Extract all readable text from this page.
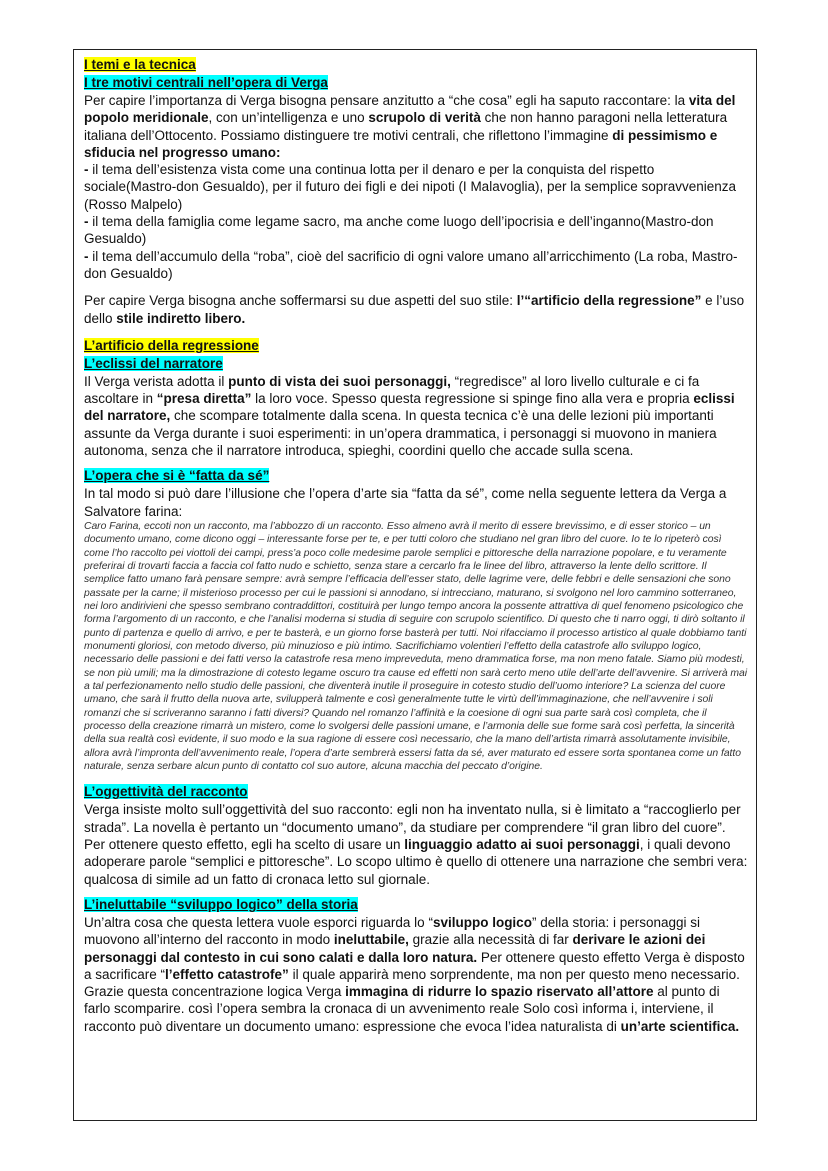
I temi e la tecnica
I tre motivi centrali nell’opera di Verga

Per capire l’importanza di Verga bisogna pensare anzitutto a “che cosa” egli ha saputo raccontare: la vita del popolo meridionale, con un’intelligenza e uno scrupolo di verità che non hanno paragoni nella letteratura italiana dell’Ottocento. Possiamo distinguere tre motivi centrali, che riflettono l’immagine di pessimismo e sfiducia nel progresso umano:

- il tema dell’esistenza vista come una continua lotta per il denaro e per la conquista del rispetto sociale(Mastro-don Gesualdo), per il futuro dei figli e dei nipoti (I Malavoglia), per la semplice sopravvenienza (Rosso Malpelo)

- il tema della famiglia come legame sacro, ma anche come luogo dell’ipocrisia e dell’inganno(Mastro-don Gesualdo)

- il tema dell’accumulo della “roba”, cioè del sacrificio di ogni valore umano all’arricchimento (La roba, Mastro-don Gesualdo)

Per capire Verga bisogna anche soffermarsi su due aspetti del suo stile: l’“artificio della regressione” e l’uso dello stile indiretto libero.

L’artificio della regressione
L’eclissi del narratore

Il Verga verista adotta il punto di vista dei suoi personaggi, “regredisce” al loro livello culturale e ci fa ascoltare in “presa diretta” la loro voce. Spesso questa regressione si spinge fino alla vera e propria eclissi del narratore, che scompare totalmente dalla scena. In questa tecnica c’è una delle lezioni più importanti assunte da Verga durante i suoi esperimenti: in un’opera drammatica, i personaggi si muovono in maniera autonoma, senza che il narratore introduca, spieghi, coordini quello che accade sulla scena.

L’opera che si è “fatta da sé”

In tal modo si può dare l’illusione che l’opera d’arte sia “fatta da sé”, come nella seguente lettera da Verga a Salvatore farina:

Caro Farina, eccoti non un racconto, ma l’abbozzo di un racconto. Esso almeno avrà il merito di essere brevissimo, e di esser storico – un documento umano, come dicono oggi – interessante forse per te, e per tutti coloro che studiano nel gran libro del cuore. Io te lo ripeterò così come l’ho raccolto pei viottoli dei campi, press’a poco colle medesime parole semplici e pittoresche della narrazione popolare, e tu veramente preferirai di trovarti faccia a faccia col fatto nudo e schietto, senza stare a cercarlo fra le linee del libro, attraverso la lente dello scrittore. Il semplice fatto umano farà pensare sempre: avrà sempre l’efficacia dell’esser stato, delle lagrime vere, delle febbri e delle sensazioni che sono passate per la carne; il misterioso processo per cui le passioni si annodano, si intrecciano, maturano, si svolgono nel loro cammino sotterraneo, nei loro andirivieni che spesso sembrano contraddittori, costituirà per lungo tempo ancora la possente attrattiva di quel fenomeno psicologico che forma l’argomento di un racconto, e che l’analisi moderna si studia di seguire con scrupolo scientifico. Di questo che ti narro oggi, ti dirò soltanto il punto di partenza e quello di arrivo, e per te basterà, e un giorno forse basterà per tutti. Noi rifacciamo il processo artistico al quale dobbiamo tanti monumenti gloriosi, con metodo diverso, più minuzioso e più intimo. Sacrifichiamo volentieri l’effetto della catastrofe allo sviluppo logico, necessario delle passioni e dei fatti verso la catastrofe resa meno impreveduta, meno drammatica forse, ma non meno fatale. Siamo più modesti, se non più umili; ma la dimostrazione di cotesto legame oscuro tra cause ed effetti non sarà certo meno utile dell’arte dell’avvenire. Si arriverà mai a tal perfezionamento nello studio delle passioni, che diventerà inutile il proseguire in cotesto studio dell’uomo interiore? La scienza del cuore umano, che sarà il frutto della nuova arte, svilupperà talmente e così generalmente tutte le virtù dell’immaginazione, che nell’avvenire i soli romanzi che si scriveranno saranno i fatti diversi? Quando nel romanzo l’affinità e la coesione di ogni sua parte sarà così completa, che il processo della creazione rimarrà un mistero, come lo svolgersi delle passioni umane, e l’armonia delle sue forme sarà così perfetta, la sincerità della sua realtà così evidente, il suo modo e la sua ragione di essere così necessario, che la mano dell’artista rimarrà assolutamente invisibile, allora avrà l’impronta dell’avvenimento reale, l’opera d’arte sembrerà essersi fatta da sé, aver maturato ed essere sorta spontanea come un fatto naturale, senza serbare alcun punto di contatto col suo autore, alcuna macchia del peccato d’origine.

L’oggettività del racconto

Verga insiste molto sull’oggettività del suo racconto: egli non ha inventato nulla, si è limitato a “raccoglierlo per strada”. La novella è pertanto un “documento umano”, da studiare per comprendere “il gran libro del cuore”. Per ottenere questo effetto, egli ha scelto di usare un linguaggio adatto ai suoi personaggi, i quali devono adoperare parole “semplici e pittoresche”. Lo scopo ultimo è quello di ottenere una narrazione che sembri vera: qualcosa di simile ad un fatto di cronaca letto sul giornale.

L’ineluttabile “sviluppo logico” della storia

Un’altra cosa che questa lettera vuole esporci riguarda lo “sviluppo logico” della storia: i personaggi si muovono all’interno del racconto in modo ineluttabile, grazie alla necessità di far derivare le azioni dei personaggi dal contesto in cui sono calati e dalla loro natura. Per ottenere questo effetto Verga è disposto a sacrificare “l’effetto catastrofe” il quale apparirà meno sorprendente, ma non per questo meno necessario.

Grazie questa concentrazione logica Verga immagina di ridurre lo spazio riservato all’attore al punto di farlo scomparire. così l’opera sembra la cronaca di un avvenimento reale Solo così informa i, interviene, il racconto può diventare un documento umano: espressione che evoca l’idea naturalista di un’arte scientifica.
